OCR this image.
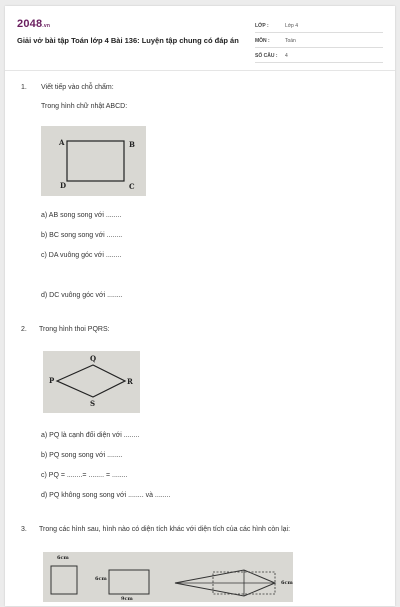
2048.vn
Giải vở bài tập Toán lớp 4 Bài 136: Luyện tập chung có đáp án
LỚP :	Lớp 4
MÔN :	Toán
SỐ CÂU : 4
1. Viết tiếp vào chỗ chấm:
Trong hình chữ nhật ABCD:
A	B
C
D
a) AB song song với ........
b) BC song song với ........
c) DA vuông góc với ........
d) DC vuông góc với ........
2. Trong hình thoi PQRS:
P
Q
R
S
a) PQ là cạnh đối diện với ........
b) PQ song song với ........
c) PQ = ........= ........ = ........
d) PQ không song song với ........ và ........
3. Trong các hình sau, hình nào có diện tích khác với diện tích của các hình còn lại:
6cm
6cm
9cm
6cm
